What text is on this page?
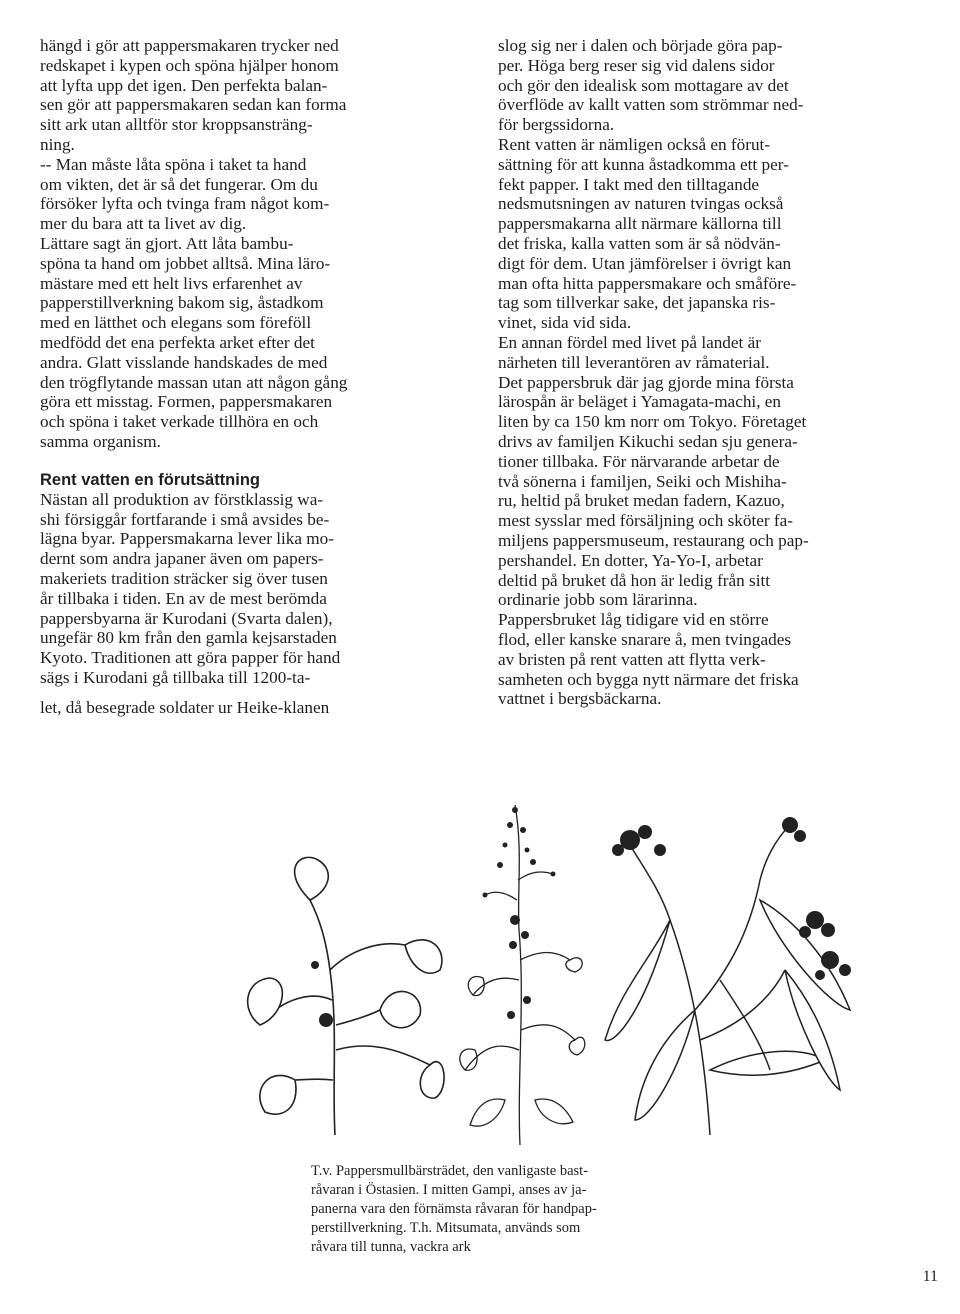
hängd i gör att pappersmakaren trycker ned
redskapet i kypen och spöna hjälper honom
att lyfta upp det igen. Den perfekta balan-
sen gör att pappersmakaren sedan kan forma
sitt ark utan alltför stor kroppsansträng-
ning.
-- Man måste låta spöna i taket ta hand
om vikten, det är så det fungerar. Om du
försöker lyfta och tvinga fram något kom-
mer du bara att ta livet av dig.
Lättare sagt än gjort. Att låta bambu-
spöna ta hand om jobbet alltså. Mina läro-
mästare med ett helt livs erfarenhet av
papperstillverkning bakom sig, åstadkom
med en lätthet och elegans som föreföll
medfödd det ena perfekta arket efter det
andra. Glatt visslande handskades de med
den trögflytande massan utan att någon gång
göra ett misstag. Formen, pappersmakaren
och spöna i taket verkade tillhöra en och
samma organism.
Rent vatten en förutsättning
Nästan all produktion av förstklassig wa-
shi försiggår fortfarande i små avsides be-
lägna byar. Pappersmakarna lever lika mo-
dernt som andra japaner även om papers-
makeriets tradition sträcker sig över tusen
år tillbaka i tiden. En av de mest berömda
pappersbyarna är Kurodani (Svarta dalen),
ungefär 80 km från den gamla kejsarstaden
Kyoto. Traditionen att göra papper för hand
sägs i Kurodani gå tillbaka till 1200-ta-
let, då besegrade soldater ur Heike-klanen
slog sig ner i dalen och började göra pap-
per. Höga berg reser sig vid dalens sidor
och gör den idealisk som mottagare av det
överflöde av kallt vatten som strömmar ned-
för bergssidorna.
Rent vatten är nämligen också en förut-
sättning för att kunna åstadkomma ett per-
fekt papper. I takt med den tilltagande
nedsmutsningen av naturen tvingas också
pappersmakarna allt närmare källorna till
det friska, kalla vatten som är så nödvän-
digt för dem. Utan jämförelser i övrigt kan
man ofta hitta pappersmakare och småföre-
tag som tillverkar sake, det japanska ris-
vinet, sida vid sida.
En annan fördel med livet på landet är
närheten till leverantören av råmaterial.
Det pappersbruk där jag gjorde mina första
lärospån är beläget i Yamagata-machi, en
liten by ca 150 km norr om Tokyo. Företaget
drivs av familjen Kikuchi sedan sju genera-
tioner tillbaka. För närvarande arbetar de
två sönerna i familjen, Seiki och Mishiha-
ru, heltid på bruket medan fadern, Kazuo,
mest sysslar med försäljning och sköter fa-
miljens pappersmuseum, restaurang och pap-
pershandel. En dotter, Ya-Yo-I, arbetar
deltid på bruket då hon är ledig från sitt
ordinarie jobb som lärarinna.
Pappersbruket låg tidigare vid en större
flod, eller kanske snarare å, men tvingades
av bristen på rent vatten att flytta verk-
samheten och bygga nytt närmare det friska
vattnet i bergsbäckarna.
T.v. Pappersmullbärsträdet, den vanligaste bast-
råvaran i Östasien. I mitten Gampi, anses av ja-
panerna vara den förnämsta råvaran för handpap-
perstillverkning. T.h. Mitsumata, används som
råvara till tunna, vackra ark
11
